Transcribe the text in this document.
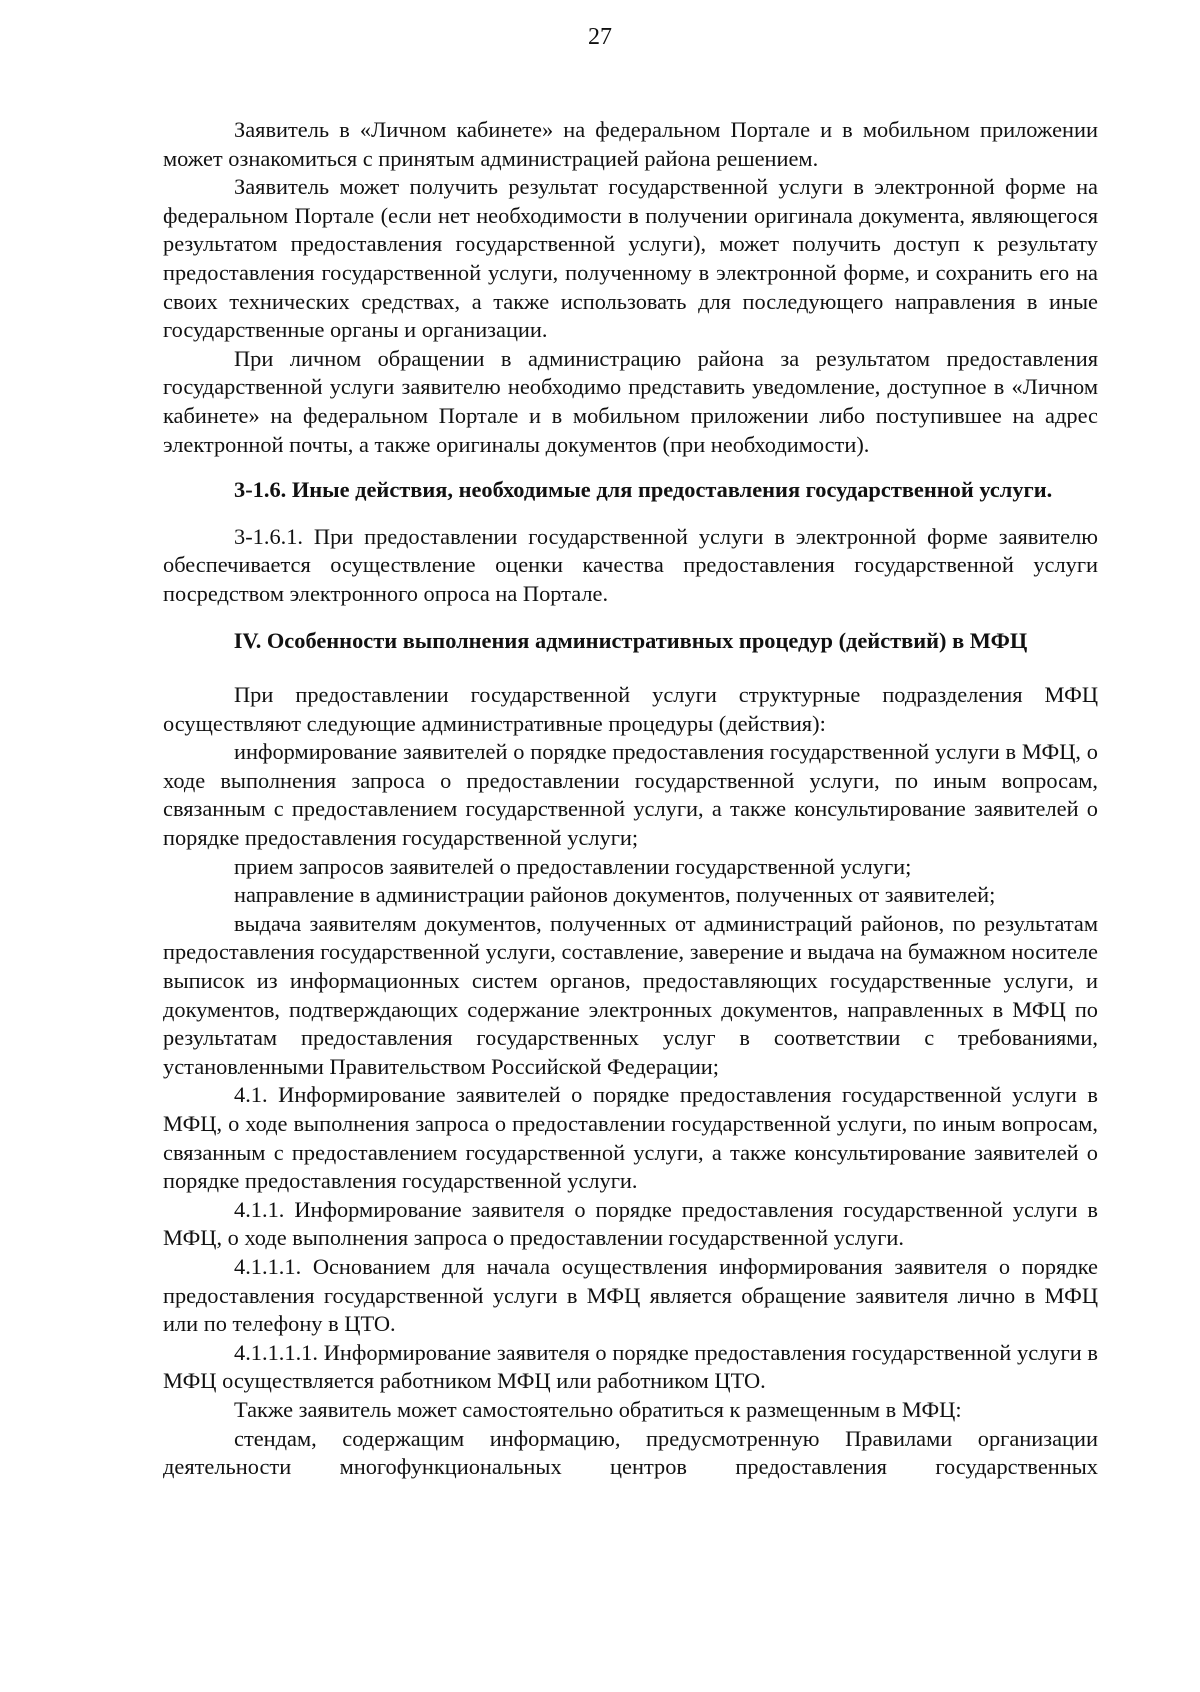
27

Заявитель в «Личном кабинете» на федеральном Портале и в мобильном приложении может ознакомиться с принятым администрацией района решением.

Заявитель может получить результат государственной услуги в электронной форме на федеральном Портале (если нет необходимости в получении оригинала документа, являющегося результатом предоставления государственной услуги), может получить доступ к результату предоставления государственной услуги, полученному в электронной форме, и сохранить его на своих технических средствах, а также использовать для последующего направления в иные государственные органы и организации.

При личном обращении в администрацию района за результатом предоставления государственной услуги заявителю необходимо представить уведомление, доступное в «Личном кабинете» на федеральном Портале и в мобильном приложении либо поступившее на адрес электронной почты, а также оригиналы документов (при необходимости).

3-1.6. Иные действия, необходимые для предоставления государственной услуги.

3-1.6.1. При предоставлении государственной услуги в электронной форме заявителю обеспечивается осуществление оценки качества предоставления государственной услуги посредством электронного опроса на Портале.

IV. Особенности выполнения административных процедур (действий) в МФЦ

При предоставлении государственной услуги структурные подразделения МФЦ осуществляют следующие административные процедуры (действия):

информирование заявителей о порядке предоставления государственной услуги в МФЦ, о ходе выполнения запроса о предоставлении государственной услуги, по иным вопросам, связанным с предоставлением государственной услуги, а также консультирование заявителей о порядке предоставления государственной услуги;

прием запросов заявителей о предоставлении государственной услуги;

направление в администрации районов документов, полученных от заявителей;

выдача заявителям документов, полученных от администраций районов, по результатам предоставления государственной услуги, составление, заверение и выдача на бумажном носителе выписок из информационных систем органов, предоставляющих государственные услуги, и документов, подтверждающих содержание электронных документов, направленных в МФЦ по результатам предоставления государственных услуг в соответствии с требованиями, установленными Правительством Российской Федерации;

4.1. Информирование заявителей о порядке предоставления государственной услуги в МФЦ, о ходе выполнения запроса о предоставлении государственной услуги, по иным вопросам, связанным с предоставлением государственной услуги, а также консультирование заявителей о порядке предоставления государственной услуги.

4.1.1. Информирование заявителя о порядке предоставления государственной услуги в МФЦ, о ходе выполнения запроса о предоставлении государственной услуги.

4.1.1.1. Основанием для начала осуществления информирования заявителя о порядке предоставления государственной услуги в МФЦ является обращение заявителя лично в МФЦ или по телефону в ЦТО.

4.1.1.1.1. Информирование заявителя о порядке предоставления государственной услуги в МФЦ осуществляется работником МФЦ или работником ЦТО.

Также заявитель может самостоятельно обратиться к размещенным в МФЦ:

стендам, содержащим информацию, предусмотренную Правилами организации деятельности многофункциональных центров предоставления государственных
